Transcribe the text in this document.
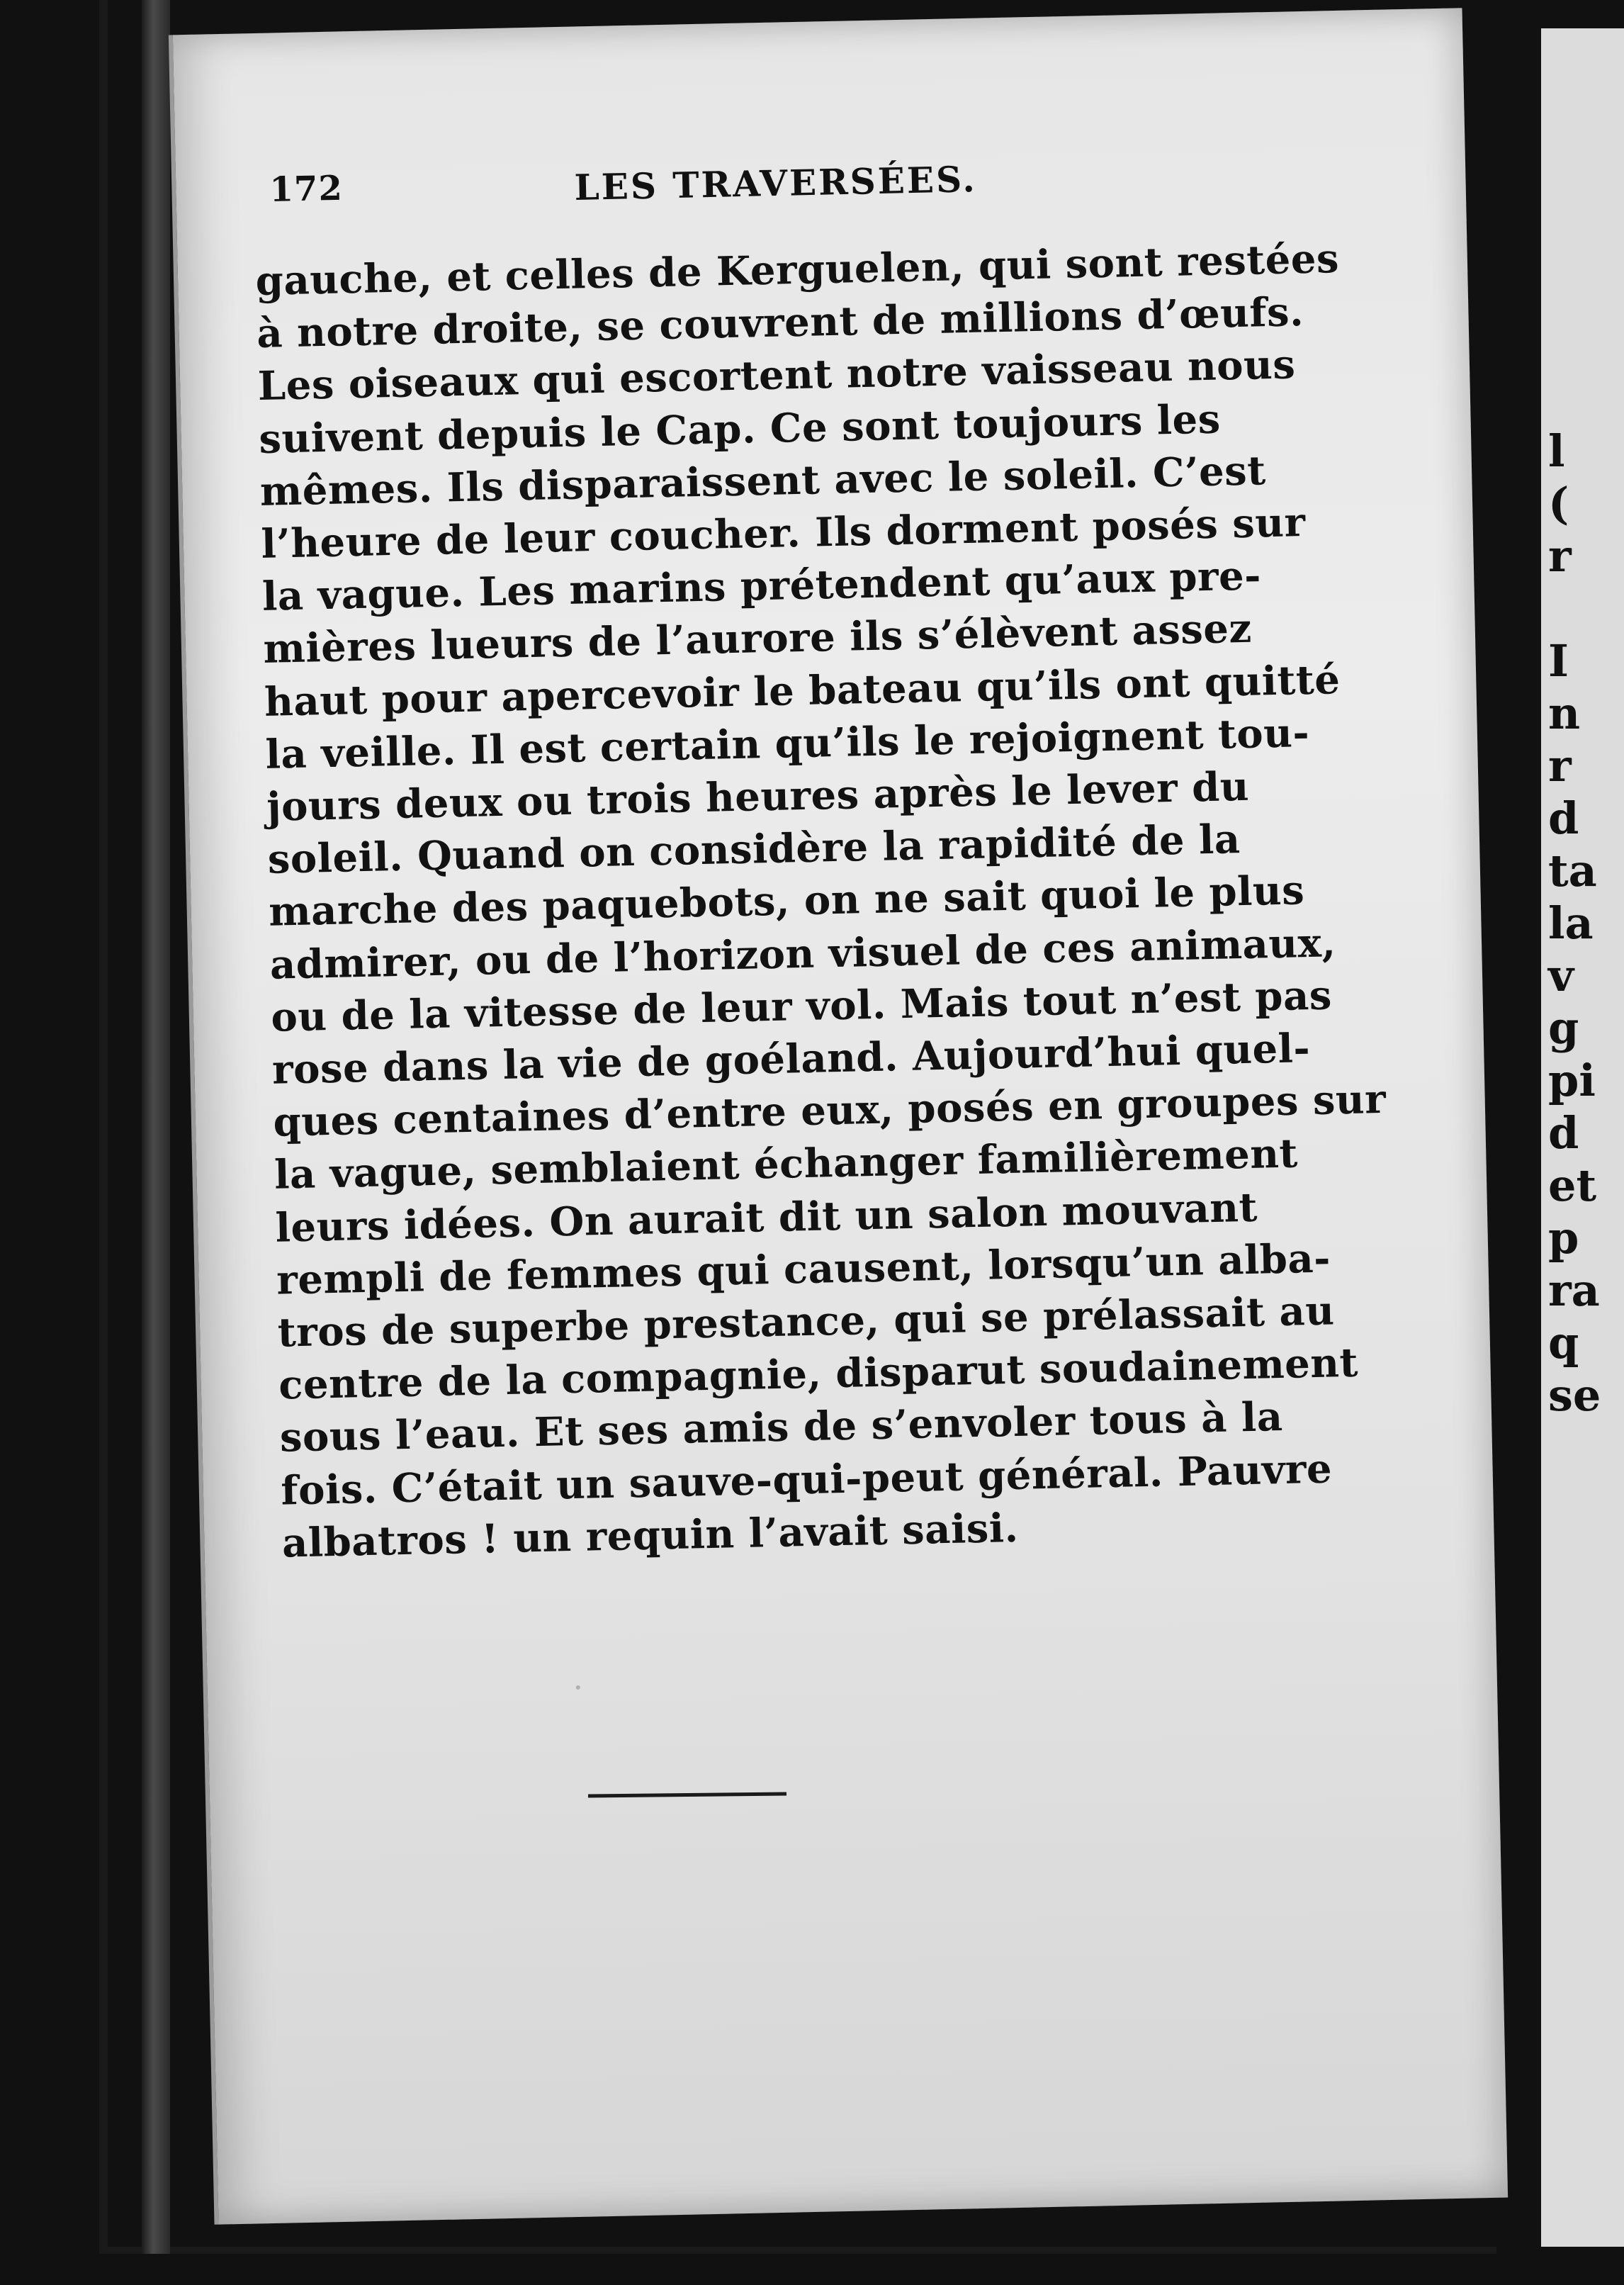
172	LES TRAVERSÉES.
gauche, et celles de Kerguelen, qui sont restées
à notre droite, se couvrent de millions d’œufs.
Les oiseaux qui escortent notre vaisseau nous
suivent depuis le Cap. Ce sont toujours les
mêmes. Ils disparaissent avec le soleil. C’est
l’heure de leur coucher. Ils dorment posés sur
la vague. Les marins prétendent qu’aux pre-
mières lueurs de l’aurore ils s’élèvent assez
haut pour apercevoir le bateau qu’ils ont quitté
la veille. Il est certain qu’ils le rejoignent tou-
jours deux ou trois heures après le lever du
soleil. Quand on considère la rapidité de la
marche des paquebots, on ne sait quoi le plus
admirer, ou de l’horizon visuel de ces animaux,
ou de la vitesse de leur vol. Mais tout n’est pas
rose dans la vie de goéland. Aujourd’hui quel-
ques centaines d’entre eux, posés en groupes sur
la vague, semblaient échanger familièrement
leurs idées. On aurait dit un salon mouvant
rempli de femmes qui causent, lorsqu’un alba-
tros de superbe prestance, qui se prélassait au
centre de la compagnie, disparut soudainement
sous l’eau. Et ses amis de s’envoler tous à la
fois. C’était un sauve-qui-peut général. Pauvre
albatros ! un requin l’avait saisi.
l
(
r

I
n
r
d
ta
la
v
g
pi
d
et
p
ra
q
se
